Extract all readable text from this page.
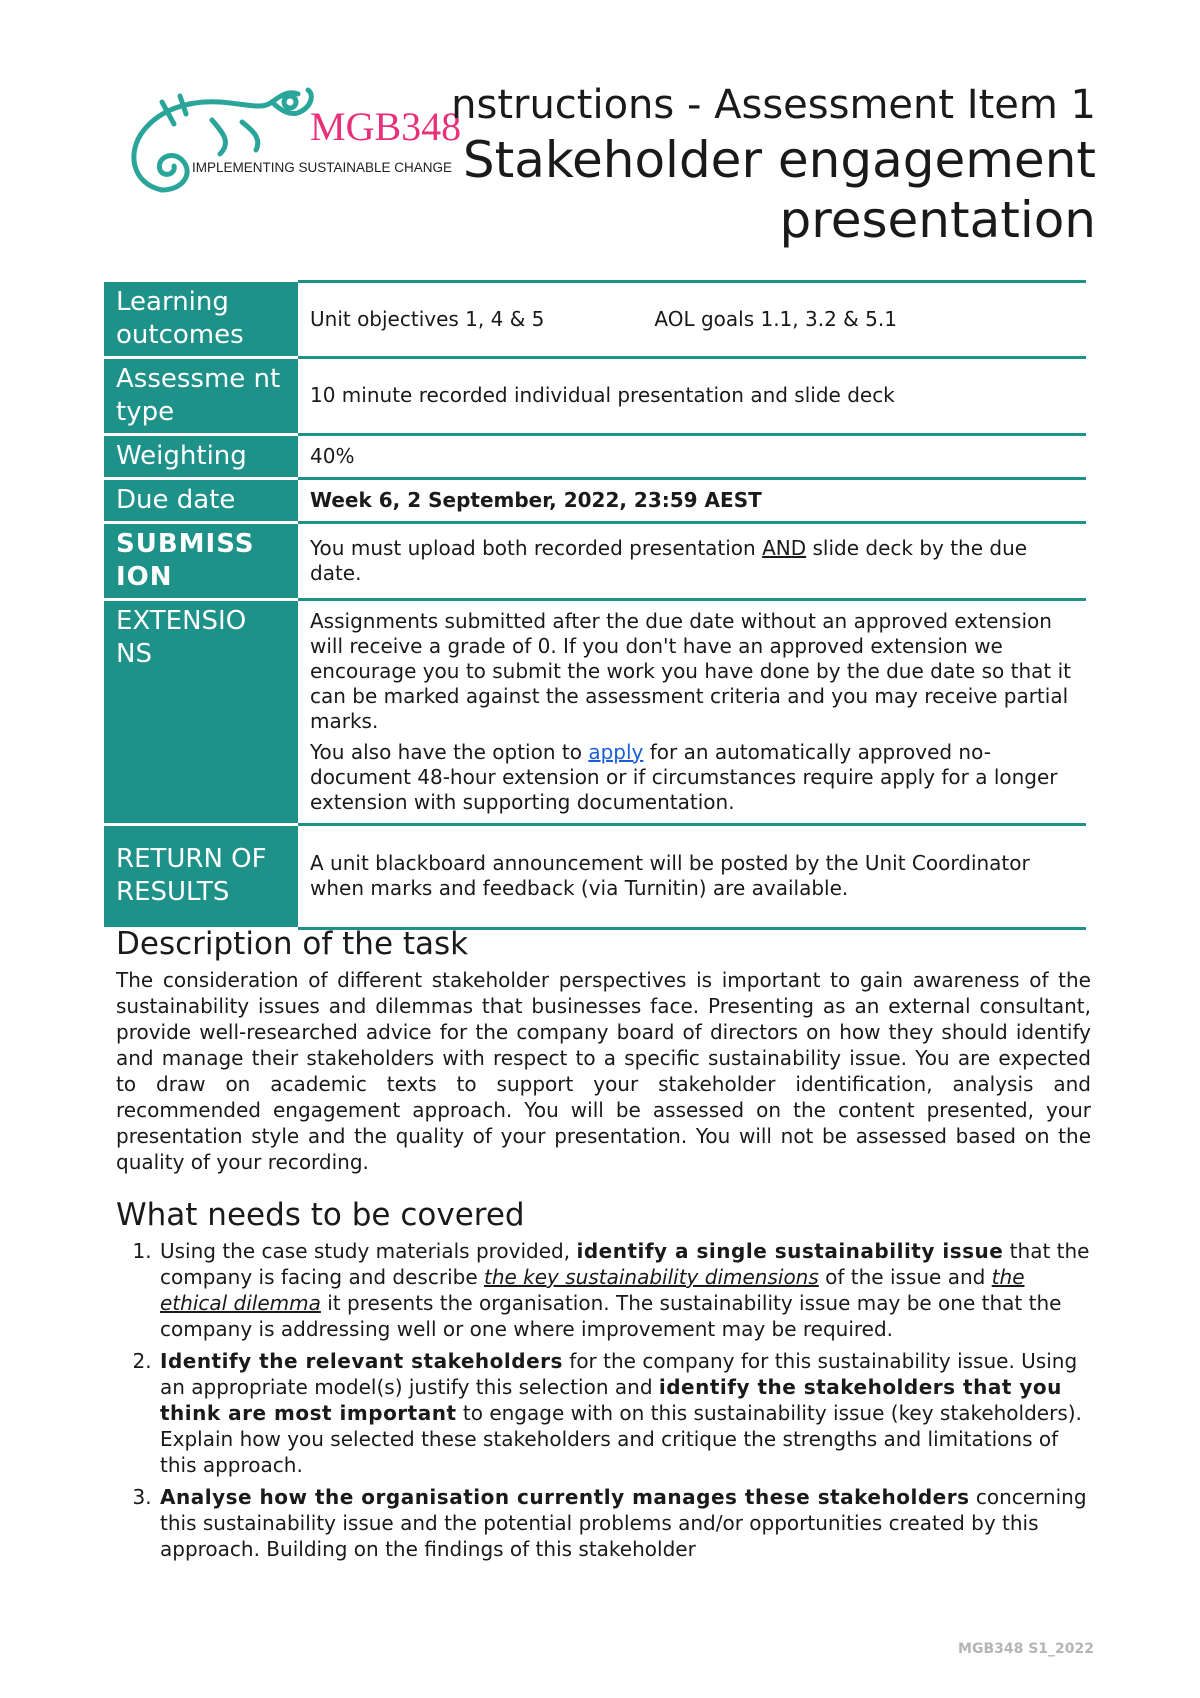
MGB348
IMPLEMENTING SUSTAINABLE CHANGE
nstructions - Assessment Item 1
Stakeholder engagement presentation
Learning outcomes	Unit objectives 1, 4 & 5 AOL goals 1.1, 3.2 & 5.1
Assessme nt type	10 minute recorded individual presentation and slide deck
Weighting	40%
Due date	Week 6, 2 September, 2022, 23:59 AEST
SUBMISS ION	You must upload both recorded presentation AND slide deck by the due date.
EXTENSIO NS	Assignments submitted after the due date without an approved extension will receive a grade of 0. If you don't have an approved extension we encourage you to submit the work you have done by the due date so that it can be marked against the assessment criteria and you may receive partial marks.
You also have the option to apply for an automatically approved no-document 48-hour extension or if circumstances require apply for a longer extension with supporting documentation.

RETURN OF RESULTS	A unit blackboard announcement will be posted by the Unit Coordinator when marks and feedback (via Turnitin) are available.
Description of the task

The consideration of different stakeholder perspectives is important to gain awareness of the sustainability issues and dilemmas that businesses face. Presenting as an external consultant, provide well-researched advice for the company board of directors on how they should identify and manage their stakeholders with respect to a specific sustainability issue. You are expected to draw on academic texts to support your stakeholder identification, analysis and recommended engagement approach. You will be assessed on the content presented, your presentation style and the quality of your presentation. You will not be assessed based on the quality of your recording.

What needs to be covered
1. Using the case study materials provided, identify a single sustainability issue that the company is facing and describe the key sustainability dimensions of the issue and the ethical dilemma it presents the organisation. The sustainability issue may be one that the company is addressing well or one where improvement may be required.
2. Identify the relevant stakeholders for the company for this sustainability issue. Using an appropriate model(s) justify this selection and identify the stakeholders that you think are most important to engage with on this sustainability issue (key stakeholders). Explain how you selected these stakeholders and critique the strengths and limitations of this approach.
3. Analyse how the organisation currently manages these stakeholders concerning this sustainability issue and the potential problems and/or opportunities created by this approach. Building on the findings of this stakeholder
MGB348 S1_2022
